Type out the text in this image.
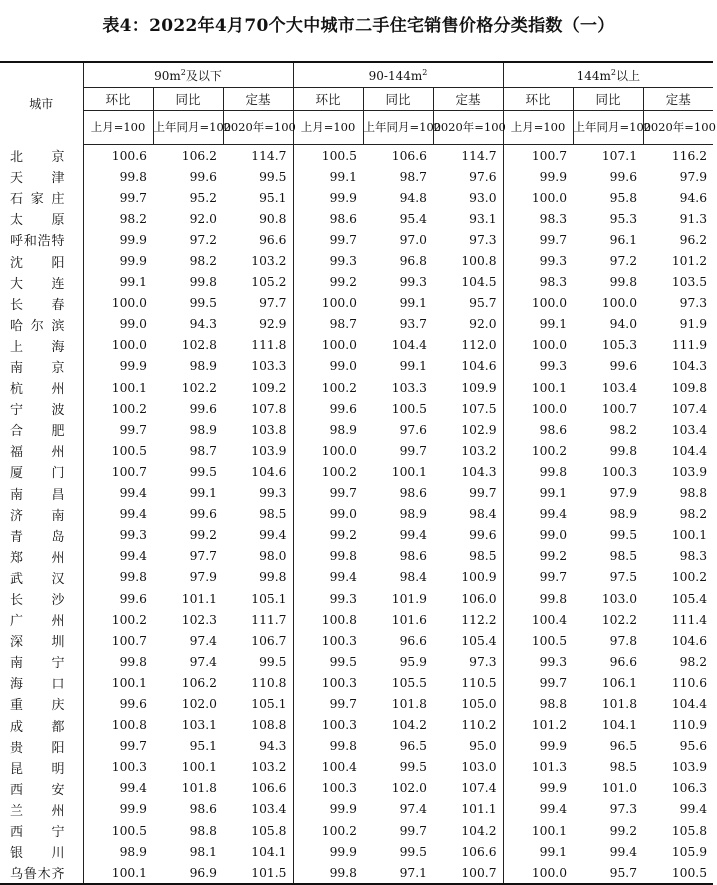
表4：2022年4月70个大中城市二手住宅销售价格分类指数（一）
城市	$90m^2$及以下			$90-144m^2$			$144m^2$以上		
	环比	同比	定基	环比	同比	定基	环比	同比	定基
	上月=100	上年同月=100	2020年=100	上月=100	上年同月=100	2020年=100	上月=100	上年同月=100	2020年=100
北京	100.6	106.2	114.7	100.5	106.6	114.7	100.7	107.1	116.2
天津	99.8	99.6	99.5	99.1	98.7	97.6	99.9	99.6	97.9
石家庄	99.7	95.2	95.1	99.9	94.8	93.0	100.0	95.8	94.6
太原	98.2	92.0	90.8	98.6	95.4	93.1	98.3	95.3	91.3
呼和浩特	99.9	97.2	96.6	99.7	97.0	97.3	99.7	96.1	96.2
沈阳	99.9	98.2	103.2	99.3	96.8	100.8	99.3	97.2	101.2
大连	99.1	99.8	105.2	99.2	99.3	104.5	98.3	99.8	103.5
长春	100.0	99.5	97.7	100.0	99.1	95.7	100.0	100.0	97.3
哈尔滨	99.0	94.3	92.9	98.7	93.7	92.0	99.1	94.0	91.9
上海	100.0	102.8	111.8	100.0	104.4	112.0	100.0	105.3	111.9
南京	99.9	98.9	103.3	99.0	99.1	104.6	99.3	99.6	104.3
杭州	100.1	102.2	109.2	100.2	103.3	109.9	100.1	103.4	109.8
宁波	100.2	99.6	107.8	99.6	100.5	107.5	100.0	100.7	107.4
合肥	99.7	98.9	103.8	98.9	97.6	102.9	98.6	98.2	103.4
福州	100.5	98.7	103.9	100.0	99.7	103.2	100.2	99.8	104.4
厦门	100.7	99.5	104.6	100.2	100.1	104.3	99.8	100.3	103.9
南昌	99.4	99.1	99.3	99.7	98.6	99.7	99.1	97.9	98.8
济南	99.4	99.6	98.5	99.0	98.9	98.4	99.4	98.9	98.2
青岛	99.3	99.2	99.4	99.2	99.4	99.6	99.0	99.5	100.1
郑州	99.4	97.7	98.0	99.8	98.6	98.5	99.2	98.5	98.3
武汉	99.8	97.9	99.8	99.4	98.4	100.9	99.7	97.5	100.2
长沙	99.6	101.1	105.1	99.3	101.9	106.0	99.8	103.0	105.4
广州	100.2	102.3	111.7	100.8	101.6	112.2	100.4	102.2	111.4
深圳	100.7	97.4	106.7	100.3	96.6	105.4	100.5	97.8	104.6
南宁	99.8	97.4	99.5	99.5	95.9	97.3	99.3	96.6	98.2
海口	100.1	106.2	110.8	100.3	105.5	110.5	99.7	106.1	110.6
重庆	99.6	102.0	105.1	99.7	101.8	105.0	98.8	101.8	104.4
成都	100.8	103.1	108.8	100.3	104.2	110.2	101.2	104.1	110.9
贵阳	99.7	95.1	94.3	99.8	96.5	95.0	99.9	96.5	95.6
昆明	100.3	100.1	103.2	100.4	99.5	103.0	101.3	98.5	103.9
西安	99.4	101.8	106.6	100.3	102.0	107.4	99.9	101.0	106.3
兰州	99.9	98.6	103.4	99.9	97.4	101.1	99.4	97.3	99.4
西宁	100.5	98.8	105.8	100.2	99.7	104.2	100.1	99.2	105.8
银川	98.9	98.1	104.1	99.9	99.5	106.6	99.1	99.4	105.9
乌鲁木齐	100.1	96.9	101.5	99.8	97.1	100.7	100.0	95.7	100.5
